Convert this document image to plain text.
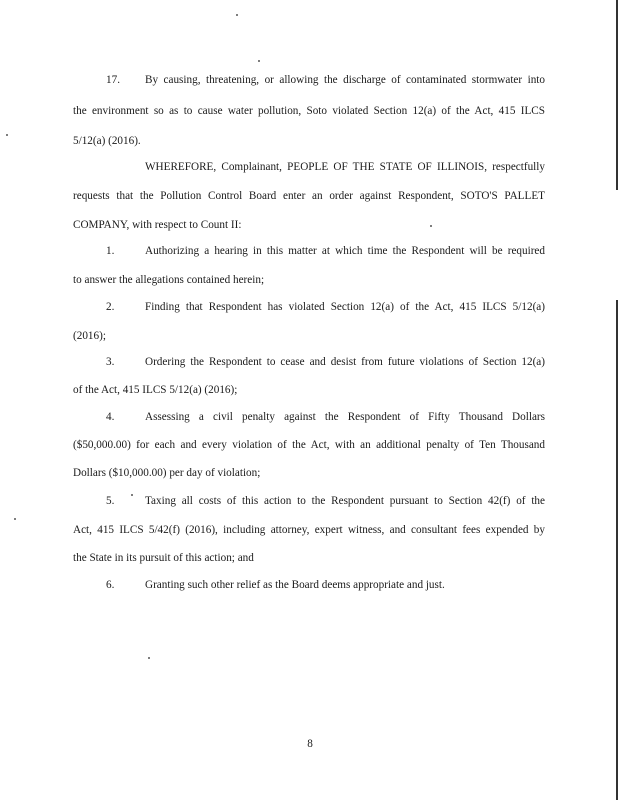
17. By causing, threatening, or allowing the discharge of contaminated stormwater into
the environment so as to cause water pollution, Soto violated Section 12(a) of the Act, 415 ILCS
5/12(a) (2016).
WHEREFORE, Complainant, PEOPLE OF THE STATE OF ILLINOIS, respectfully
requests that the Pollution Control Board enter an order against Respondent, SOTO'S PALLET
COMPANY, with respect to Count II:
1.	Authorizing a hearing in this matter at which time the Respondent will be required
to answer the allegations contained herein;
2.	Finding that Respondent has violated Section 12(a) of the Act, 415 ILCS 5/12(a)
(2016);
3.	Ordering the Respondent to cease and desist from future violations of Section 12(a)
of the Act, 415 ILCS 5/12(a) (2016);
4.	Assessing a civil penalty against the Respondent of Fifty Thousand Dollars
($50,000.00) for each and every violation of the Act, with an additional penalty of Ten Thousand
Dollars ($10,000.00) per day of violation;
5.	Taxing all costs of this action to the Respondent pursuant to Section 42(f) of the
Act, 415 ILCS 5/42(f) (2016), including attorney, expert witness, and consultant fees expended by
the State in its pursuit of this action; and
6.	Granting such other relief as the Board deems appropriate and just.
8
